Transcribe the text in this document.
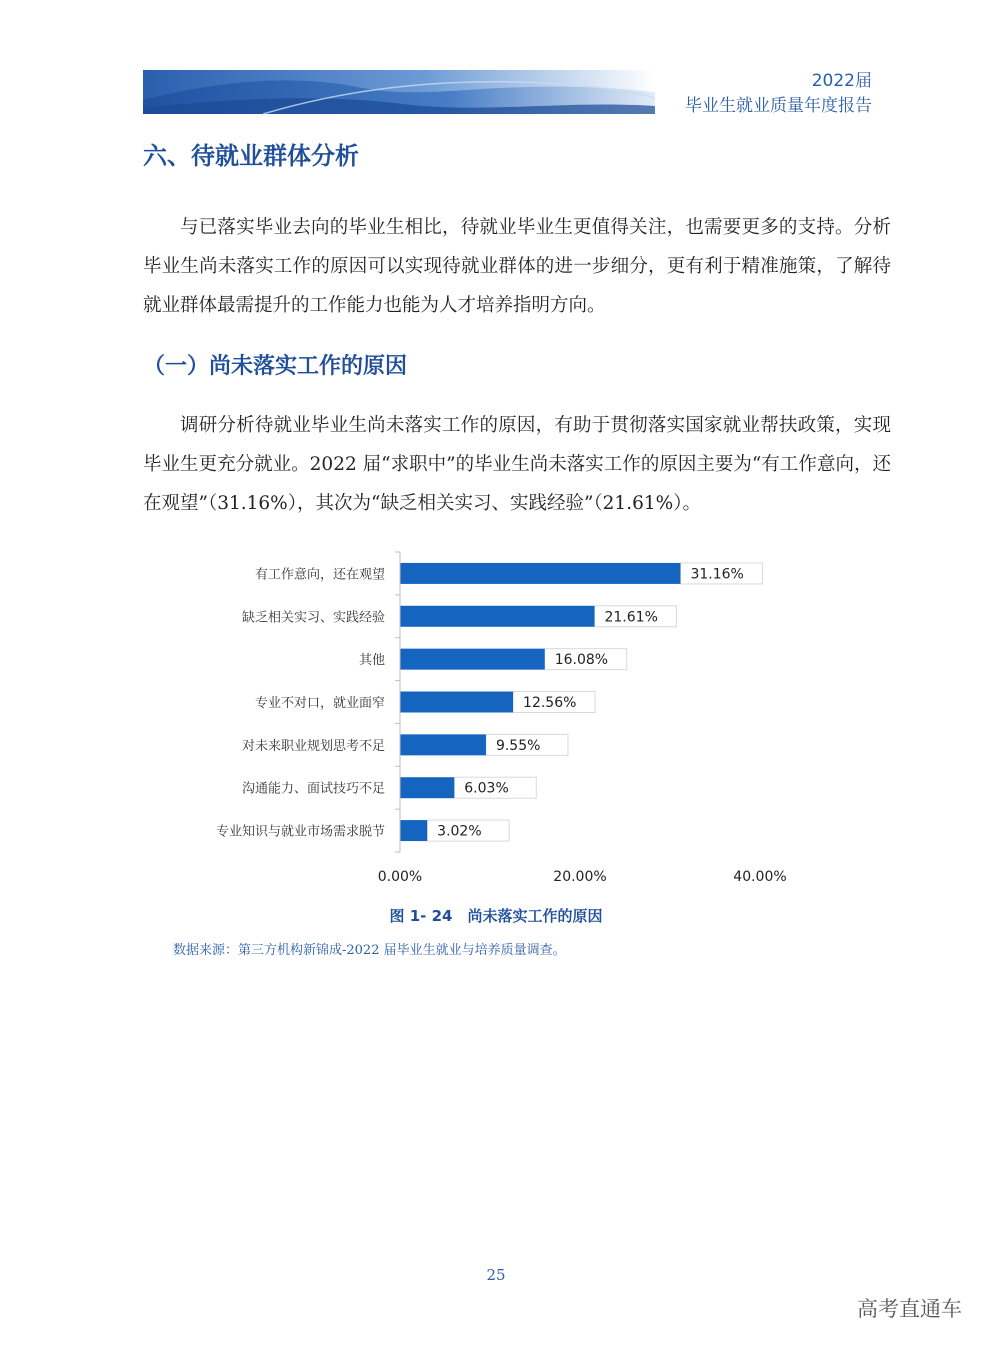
2022届
毕业生就业质量年度报告
六、待就业群体分析

与已落实毕业去向的毕业生相比，待就业毕业生更值得关注，也需要更多的支持。分析毕业生尚未落实工作的原因可以实现待就业群体的进一步细分，更有利于精准施策，了解待就业群体最需提升的工作能力也能为人才培养指明方向。

（一）尚未落实工作的原因

调研分析待就业毕业生尚未落实工作的原因，有助于贯彻落实国家就业帮扶政策，实现毕业生更充分就业。2022 届“求职中”的毕业生尚未落实工作的原因主要为“有工作意向，还在观望”（31.16%），其次为“缺乏相关实习、实践经验”（21.61%）。

31.16%
有工作意向，还在观望
21.61%
缺乏相关实习、实践经验
16.08%
其他
12.56%
专业不对口，就业面窄
9.55%
对未来职业规划思考不足
6.03%
沟通能力、面试技巧不足
3.02%
专业知识与就业市场需求脱节
0.00%	20.00%	40.00%
图 1- 24　尚未落实工作的原因
数据来源：第三方机构新锦成-2022 届毕业生就业与培养质量调查。
25
高考直通车
